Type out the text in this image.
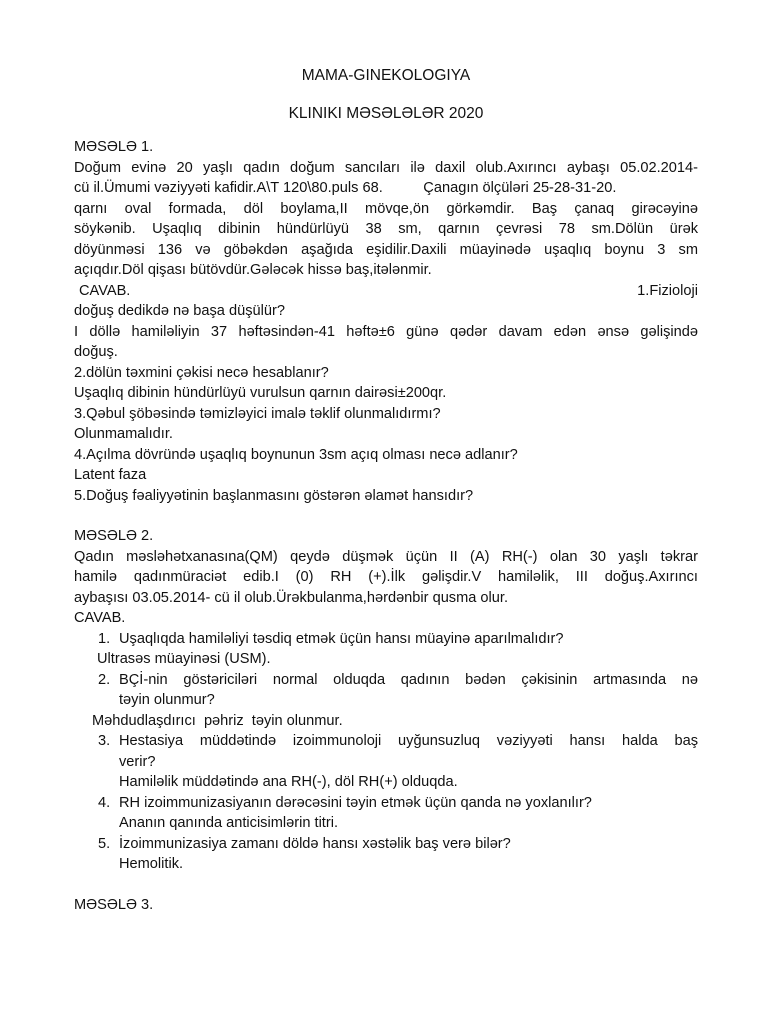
MAMA-GINEKOLOGIYA
KLINIKI MƏSƏLƏLƏR 2020

MƏSƏLƏ 1.

Doğum evinə 20 yaşlı qadın doğum sancıları ilə daxil olub.Axırıncı aybaşı 05.02.2014-

cü il.Ümumi vəziyyəti kafidir.A\T 120\80.puls 68.          Çanagın ölçüləri 25-28-31-20.

qarnı oval formada, döl boylama,II mövqe,ön görkəmdir. Baş çanaq girəcəyinə

söykənib. Uşaqlıq dibinin hündürlüyü 38 sm, qarnın çevrəsi 78 sm.Dölün ürək

döyünməsi 136 və göbəkdən aşağıda eşidilir.Daxili müayinədə uşaqlıq boynu 3 sm

açıqdır.Döl qişası bütövdür.Gələcək hissə baş,itələnmir.

CAVAB.	1.Fizioloji

doğuş dedikdə nə başa düşülür?

I döllə hamiləliyin 37 həftəsindən-41 həftə±6 günə qədər davam edən ənsə gəlişində

doğuş.

2.dölün təxmini çəkisi necə hesablanır?

Uşaqlıq dibinin hündürlüyü vurulsun qarnın dairəsi±200qr.

3.Qəbul şöbəsində təmizləyici imalə təklif olunmalıdırmı?

Olunmamalıdır.

4.Açılma dövründə uşaqlıq boynunun 3sm açıq olması necə adlanır?

Latent faza

5.Doğuş fəaliyyətinin başlanmasını göstərən əlamət hansıdır?

MƏSƏLƏ 2.

Qadın məsləhətxanasına(QM) qeydə düşmək üçün II (A) RH(-) olan 30 yaşlı təkrar

hamilə qadınmüraciət edib.I (0) RH (+).İlk gəlişdir.V hamiləlik, III doğuş.Axırıncı

aybaşısı 03.05.2014- cü il olub.Ürəkbulanma,hərdənbir qusma olur.

CAVAB.

1. Uşaqlıqda hamiləliyi təsdiq etmək üçün hansı müayinə aparılmalıdır?

Ultrasəs müayinəsi (USM).

2. BÇİ-nin göstəriciləri normal olduqda qadının bədən çəkisinin artmasında nə

təyin olunmur?

Məhdudlaşdırıcı  pəhriz  təyin olunmur.

3. Hestasiya müddətində izoimmunoloji uyğunsuzluq vəziyyəti hansı halda baş

verir?

Hamiləlik müddətində ana RH(-), döl RH(+) olduqda.

4. RH izoimmunizasiyanın dərəcəsini təyin etmək üçün qanda nə yoxlanılır?

Ananın qanında anticisimlərin titri.

5. İzoimmunizasiya zamanı döldə hansı xəstəlik baş verə bilər?

Hemolitik.

MƏSƏLƏ 3.
